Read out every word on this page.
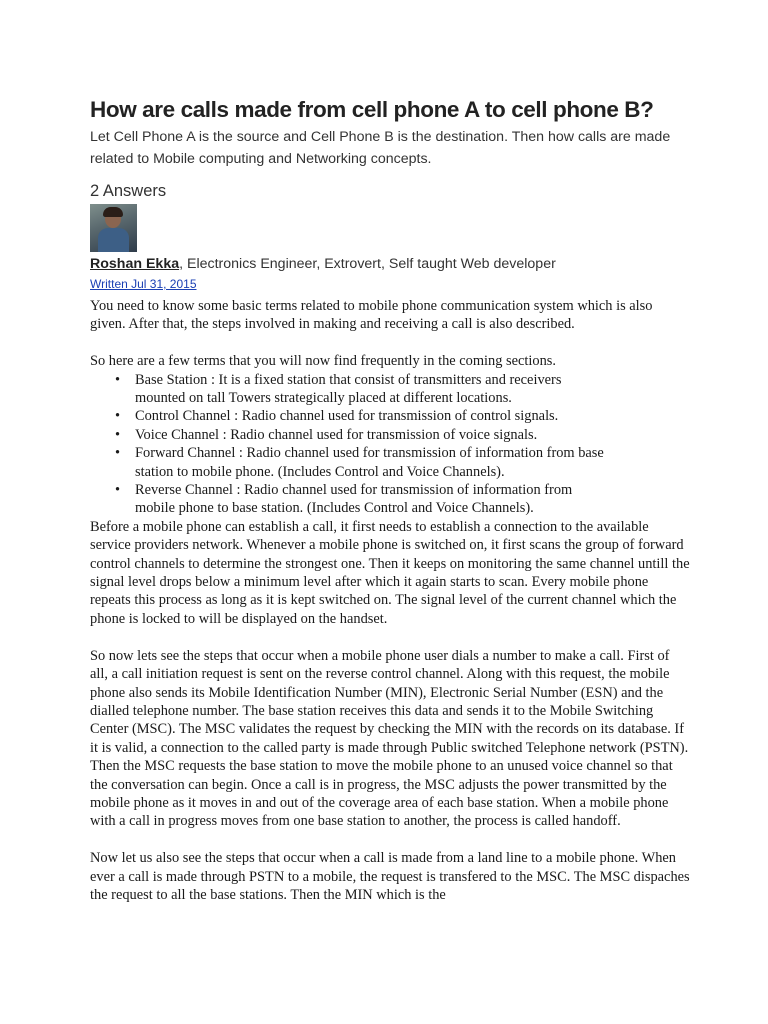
How are calls made from cell phone A to cell phone B?

Let Cell Phone A is the source and Cell Phone B is the destination. Then how calls are made related to Mobile computing and Networking concepts.

2 Answers
Roshan Ekka, Electronics Engineer, Extrovert, Self taught Web developer
Written Jul 31, 2015

You need to know some basic terms related to mobile phone communication system which is also given. After that, the steps involved in making and receiving a call is also described.

So here are a few terms that you will now find frequently in the coming sections.

• Base Station : It is a fixed station that consist of transmitters and receivers mounted on tall Towers strategically placed at different locations.
• Control Channel : Radio channel used for transmission of control signals.
• Voice Channel : Radio channel used for transmission of voice signals.
• Forward Channel : Radio channel used for transmission of information from base station to mobile phone. (Includes Control and Voice Channels).
• Reverse Channel : Radio channel used for transmission of information from mobile phone to base station. (Includes Control and Voice Channels).

Before a mobile phone can establish a call, it first needs to establish a connection to the available service providers network. Whenever a mobile phone is switched on, it first scans the group of forward control channels to determine the strongest one. Then it keeps on monitoring the same channel untill the signal level drops below a minimum level after which it again starts to scan. Every mobile phone repeats this process as long as it is kept switched on. The signal level of the current channel which the phone is locked to will be displayed on the handset.

So now lets see the steps that occur when a mobile phone user dials a number to make a call. First of all, a call initiation request is sent on the reverse control channel. Along with this request, the mobile phone also sends its Mobile Identification Number (MIN), Electronic Serial Number (ESN) and the dialled telephone number. The base station receives this data and sends it to the Mobile Switching Center (MSC). The MSC validates the request by checking the MIN with the records on its database. If it is valid, a connection to the called party is made through Public switched Telephone network (PSTN). Then the MSC requests the base station to move the mobile phone to an unused voice channel so that the conversation can begin. Once a call is in progress, the MSC adjusts the power transmitted by the mobile phone as it moves in and out of the coverage area of each base station. When a mobile phone with a call in progress moves from one base station to another, the process is called handoff.

Now let us also see the steps that occur when a call is made from a land line to a mobile phone. When ever a call is made through PSTN to a mobile, the request is transfered to the MSC. The MSC dispaches the request to all the base stations. Then the MIN which is the
